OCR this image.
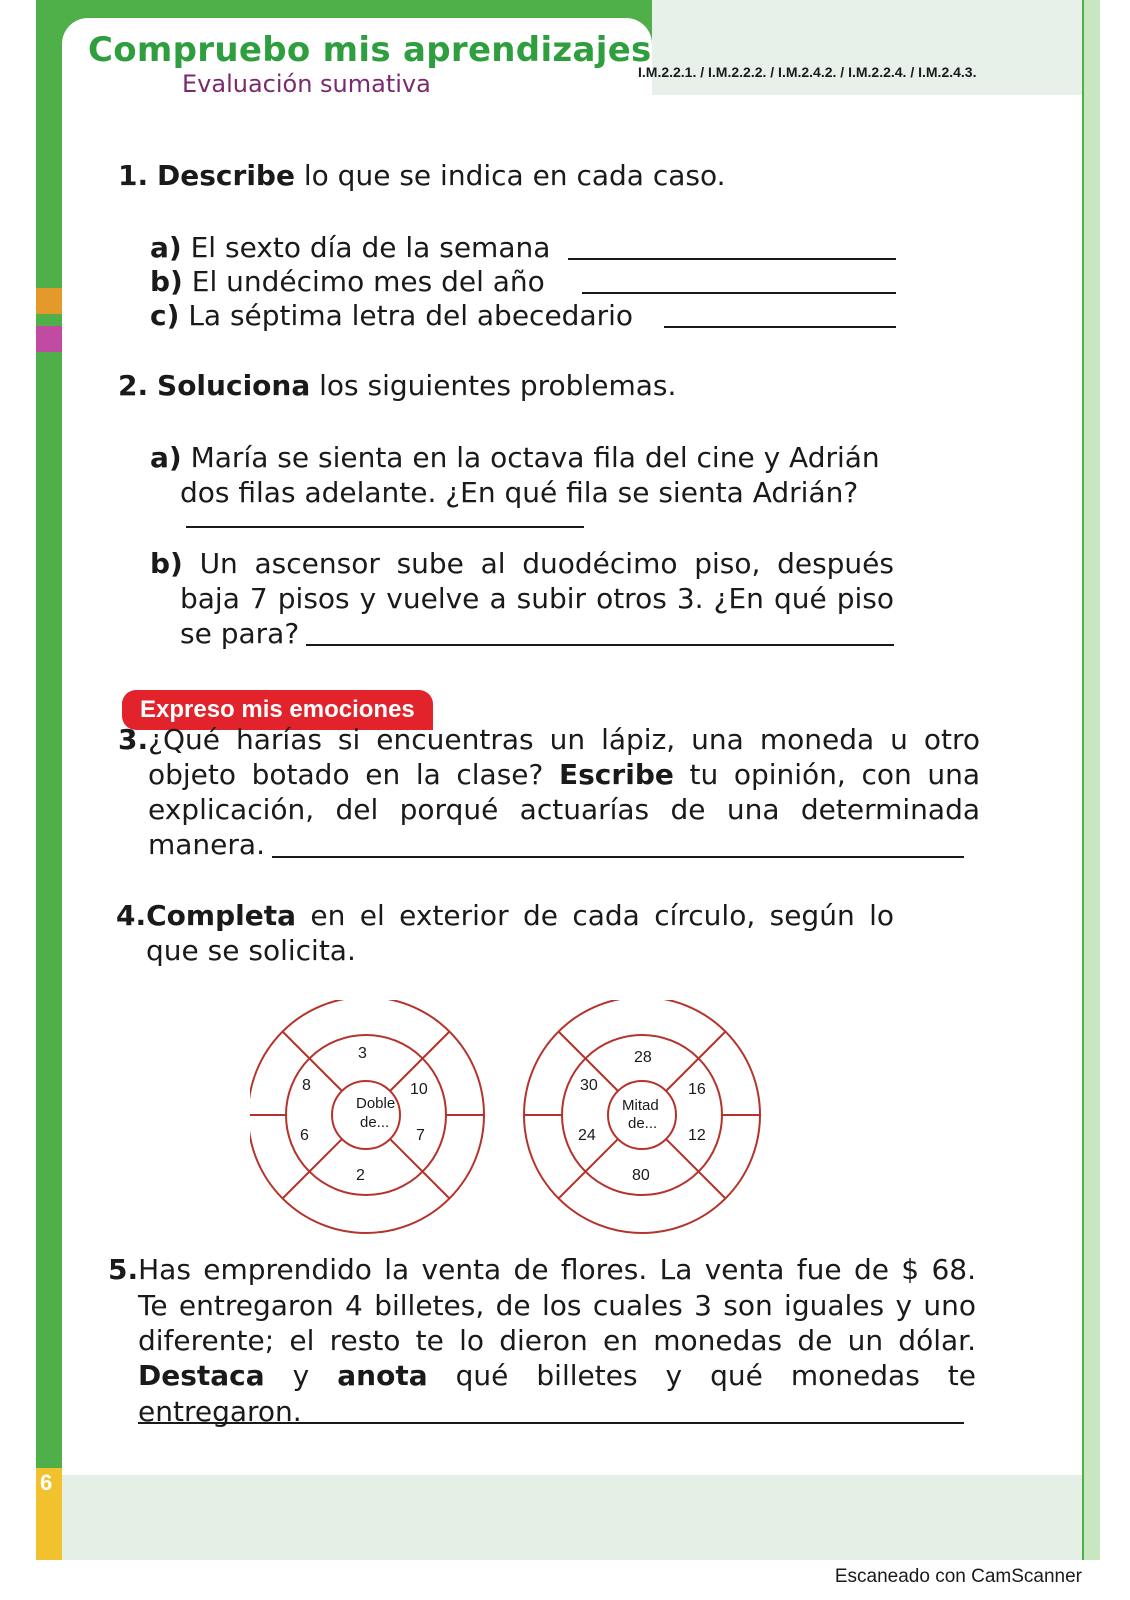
6
Compruebo mis aprendizajes
Evaluación sumativa	I.M.2.2.1. / I.M.2.2.2. / I.M.2.4.2. / I.M.2.2.4. / I.M.2.4.3.
1. Describe lo que se indica en cada caso.
a) El sexto día de la semana
b) El undécimo mes del año
c) La séptima letra del abecedario
2. Soluciona los siguientes problemas.
a) María se sienta en la octava fila del cine y Adrián
dos filas adelante. ¿En qué fila se sienta Adrián?
b) Un ascensor sube al duodécimo piso, después
baja 7 pisos y vuelve a subir otros 3. ¿En qué piso
se para?
Expreso mis emociones
3.¿Qué harías si encuentras un lápiz, una moneda u otro
objeto botado en la clase? Escribe tu opinión, con una
explicación, del porqué actuarías de una determinada
manera.
4.Completa en el exterior de cada círculo, según lo
que se solicita.
Doble
de...
3
8	10
6	7
2
Mitad
de...
28
30	16
24	12
80
5.Has emprendido la venta de flores. La venta fue de $ 68.
Te entregaron 4 billetes, de los cuales 3 son iguales y uno
diferente; el resto te lo dieron en monedas de un dólar.
Destaca y anota qué billetes y qué monedas te entregaron.
Escaneado con CamScanner
